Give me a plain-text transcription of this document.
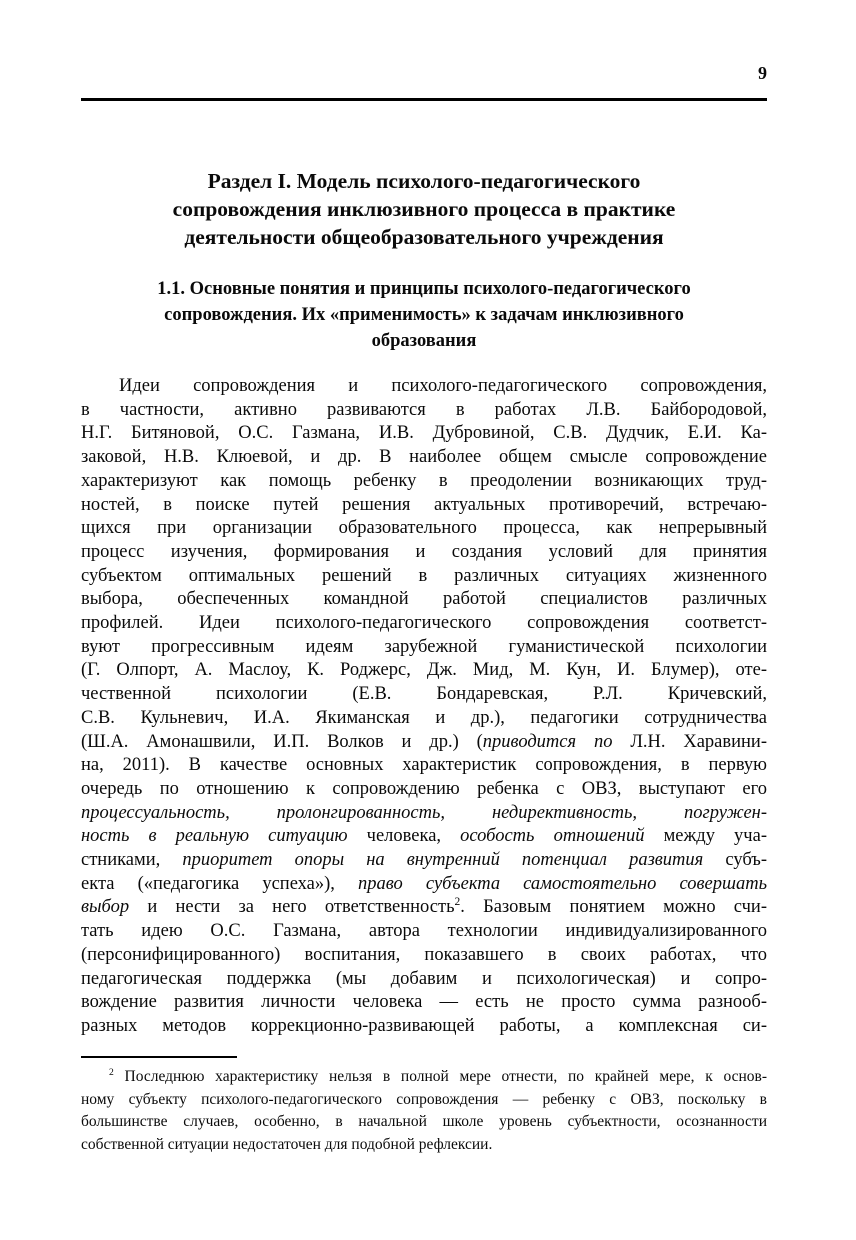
9
Раздел I. Модель психолого-педагогического
сопровождения инклюзивного процесса в практике
деятельности общеобразовательного учреждения
1.1. Основные понятия и принципы психолого-педагогического
сопровождения. Их «применимость» к задачам инклюзивного
образования
Идеи сопровождения и психолого-педагогического сопровождения,
в частности, активно развиваются в работах Л.В. Байбородовой,
Н.Г. Битяновой, О.С. Газмана, И.В. Дубровиной, С.В. Дудчик, Е.И. Ка-
заковой, Н.В. Клюевой, и др. В наиболее общем смысле сопровождение
характеризуют как помощь ребенку в преодолении возникающих труд-
ностей, в поиске путей решения актуальных противоречий, встречаю-
щихся при организации образовательного процесса, как непрерывный
процесс изучения, формирования и создания условий для принятия
субъектом оптимальных решений в различных ситуациях жизненного
выбора, обеспеченных командной работой специалистов различных
профилей. Идеи психолого-педагогического сопровождения соответст-
вуют прогрессивным идеям зарубежной гуманистической психологии
(Г. Олпорт, А. Маслоу, К. Роджерс, Дж. Мид, М. Кун, И. Блумер), оте-
чественной психологии (Е.В. Бондаревская, Р.Л. Кричевский,
С.В. Кульневич, И.А. Якиманская и др.), педагогики сотрудничества
(Ш.А. Амонашвили, И.П. Волков и др.) (приводится по Л.Н. Харавини-
на, 2011). В качестве основных характеристик сопровождения, в первую
очередь по отношению к сопровождению ребенка с ОВЗ, выступают его
процессуальность, пролонгированность, недирективность, погружен-
ность в реальную ситуацию человека, особость отношений между уча-
стниками, приоритет опоры на внутренний потенциал развития субъ-
екта («педагогика успеха»), право субъекта самостоятельно совершать
выбор и нести за него ответственность$^2$. Базовым понятием можно счи-
тать идею О.С. Газмана, автора технологии индивидуализированного
(персонифицированного) воспитания, показавшего в своих работах, что
педагогическая поддержка (мы добавим и психологическая) и сопро-
вождение развития личности человека — есть не просто сумма разнооб-
разных методов коррекционно-развивающей работы, а комплексная си-
$^2$ Последнюю характеристику нельзя в полной мере отнести, по крайней мере, к основ-
ному субъекту психолого-педагогического сопровождения — ребенку с ОВЗ, поскольку в
большинстве случаев, особенно, в начальной школе уровень субъектности, осознанности
собственной ситуации недостаточен для подобной рефлексии.
